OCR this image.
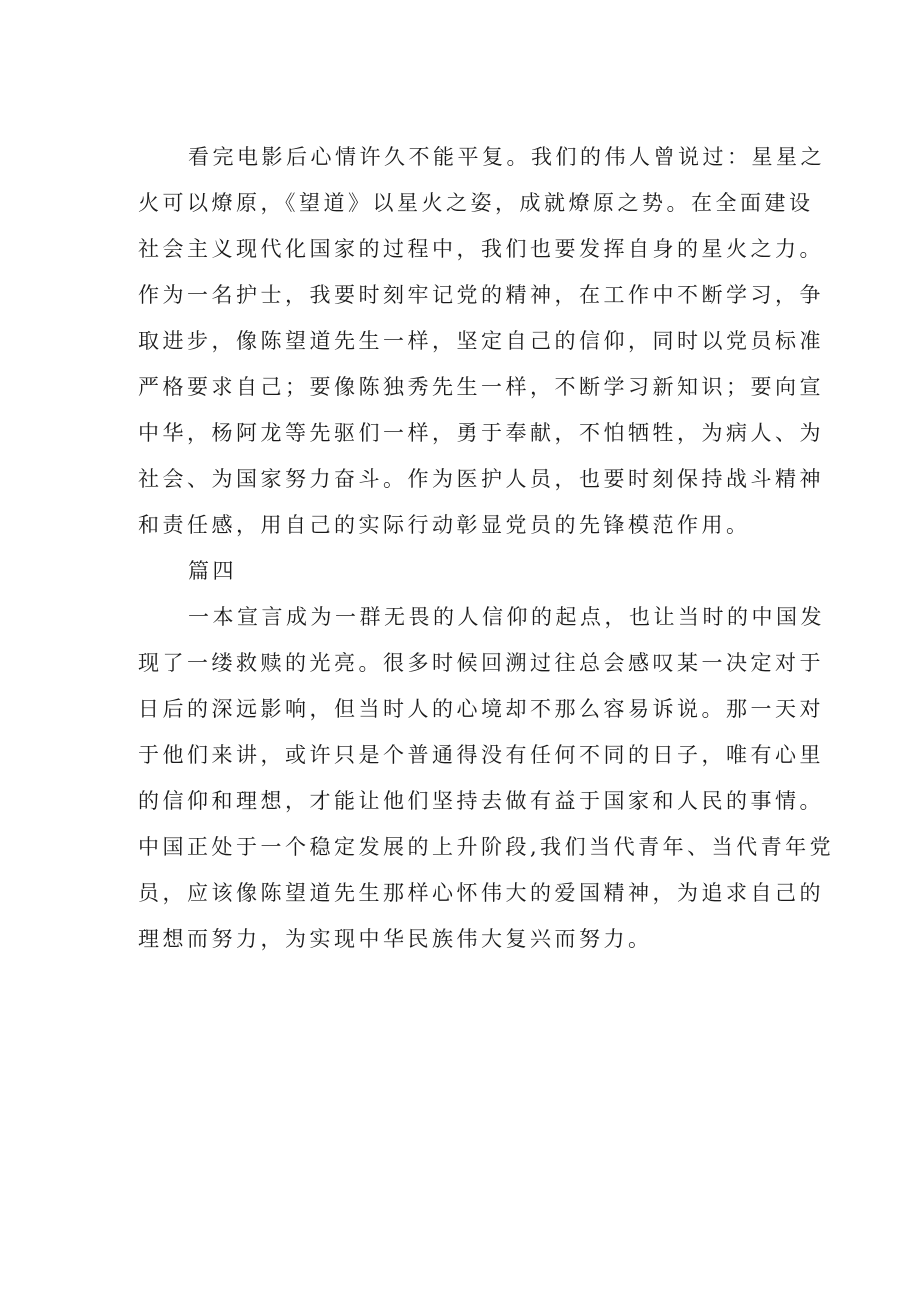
看完电影后心情许久不能平复。我们的伟人曾说过：星星之
火可以燎原，《望道》以星火之姿，成就燎原之势。在全面建设
社会主义现代化国家的过程中，我们也要发挥自身的星火之力。
作为一名护士，我要时刻牢记党的精神，在工作中不断学习，争
取进步，像陈望道先生一样，坚定自己的信仰，同时以党员标准
严格要求自己；要像陈独秀先生一样，不断学习新知识；要向宣
中华，杨阿龙等先驱们一样，勇于奉献，不怕牺牲，为病人、为
社会、为国家努力奋斗。作为医护人员，也要时刻保持战斗精神
和责任感，用自己的实际行动彰显党员的先锋模范作用。
篇四
一本宣言成为一群无畏的人信仰的起点，也让当时的中国发
现了一缕救赎的光亮。很多时候回溯过往总会感叹某一决定对于
日后的深远影响，但当时人的心境却不那么容易诉说。那一天对
于他们来讲，或许只是个普通得没有任何不同的日子，唯有心里
的信仰和理想，才能让他们坚持去做有益于国家和人民的事情。
中国正处于一个稳定发展的上升阶段,我们当代青年、当代青年党
员，应该像陈望道先生那样心怀伟大的爱国精神，为追求自己的
理想而努力，为实现中华民族伟大复兴而努力。
